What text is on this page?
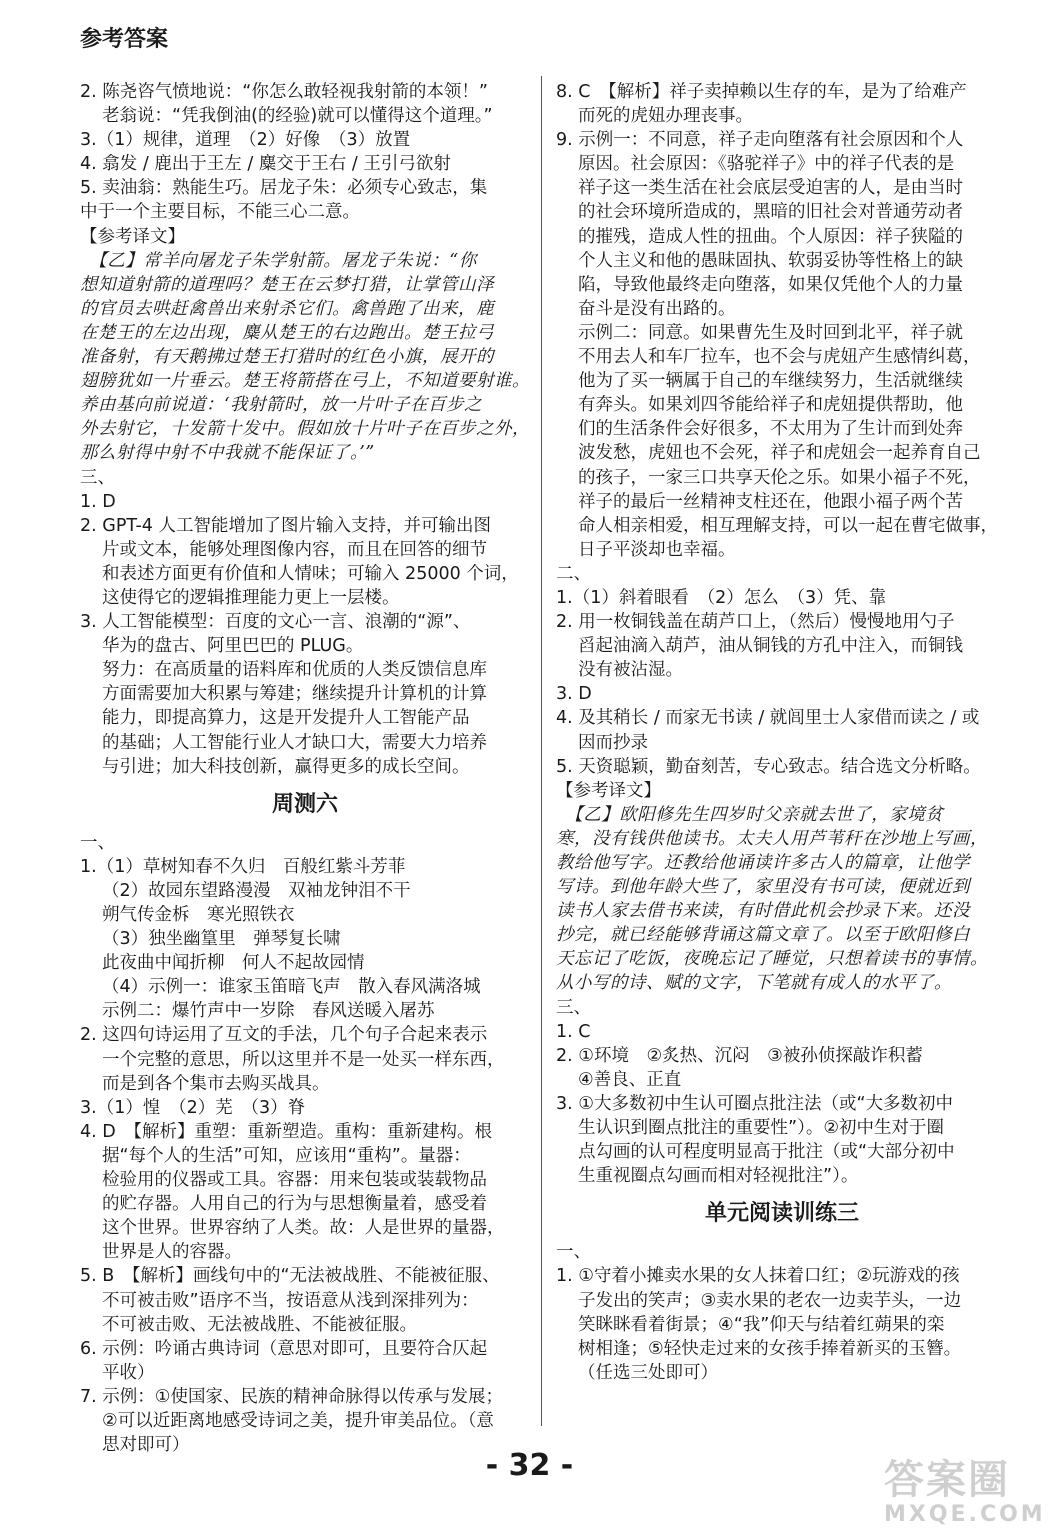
参考答案
2. 陈尧咨气愤地说：“你怎么敢轻视我射箭的本领！”
老翁说：“凭我倒油(的经验)就可以懂得这个道理。”
3.（1）规律，道理　（2）好像　（3）放置
4. 翕发 / 鹿出于王左 / 麋交于王右 / 王引弓欲射
5. 卖油翁：熟能生巧。居龙子朱：必须专心致志，集
中于一个主要目标，不能三心二意。
【参考译文】
　【乙】常羊向屠龙子朱学射箭。屠龙子朱说：“你
想知道射箭的道理吗？楚王在云梦打猎，让掌管山泽
的官员去哄赶禽兽出来射杀它们。禽兽跑了出来，鹿
在楚王的左边出现，麋从楚王的右边跑出。楚王拉弓
准备射，有天鹅拂过楚王打猎时的红色小旗，展开的
翅膀犹如一片垂云。楚王将箭搭在弓上，不知道要射谁。
养由基向前说道：‘我射箭时，放一片叶子在百步之
外去射它，十发箭十发中。假如放十片叶子在百步之外，
那么射得中射不中我就不能保证了。’”
三、
1. D
2. GPT-4 人工智能增加了图片输入支持，并可输出图
片或文本，能够处理图像内容，而且在回答的细节
和表述方面更有价值和人情味；可输入 25000 个词，
这使得它的逻辑推理能力更上一层楼。
3. 人工智能模型：百度的文心一言、浪潮的“源”、
华为的盘古、阿里巴巴的 PLUG。
努力：在高质量的语料库和优质的人类反馈信息库
方面需要加大积累与筹建；继续提升计算机的计算
能力，即提高算力，这是开发提升人工智能产品
的基础；人工智能行业人才缺口大，需要大力培养
与引进；加大科技创新，赢得更多的成长空间。
周测六
一、
1.（1）草树知春不久归　百般红紫斗芳菲
（2）故园东望路漫漫　双袖龙钟泪不干
朔气传金柝　寒光照铁衣
（3）独坐幽篁里　弹琴复长啸
此夜曲中闻折柳　何人不起故园情
（4）示例一：谁家玉笛暗飞声　散入春风满洛城
示例二：爆竹声中一岁除　春风送暖入屠苏
2. 这四句诗运用了互文的手法，几个句子合起来表示
一个完整的意思，所以这里并不是一处买一样东西，
而是到各个集市去购买战具。
3.（1）惶　（2）芜　（3）脊
4. D　【解析】重塑：重新塑造。重构：重新建构。根
据“每个人的生活”可知，应该用“重构”。量器：
检验用的仪器或工具。容器：用来包装或装载物品
的贮存器。人用自己的行为与思想衡量着，感受着
这个世界。世界容纳了人类。故：人是世界的量器，
世界是人的容器。
5. B　【解析】画线句中的“无法被战胜、不能被征服、
不可被击败”语序不当，按语意从浅到深排列为：
不可被击败、无法被战胜、不能被征服。
6. 示例：吟诵古典诗词（意思对即可，且要符合仄起
平收）
7. 示例：①使国家、民族的精神命脉得以传承与发展；
②可以近距离地感受诗词之美，提升审美品位。（意
思对即可）
8. C　【解析】祥子卖掉赖以生存的车，是为了给难产
而死的虎妞办理丧事。
9. 示例一：不同意，祥子走向堕落有社会原因和个人
原因。社会原因：《骆驼祥子》中的祥子代表的是
祥子这一类生活在社会底层受迫害的人，是由当时
的社会环境所造成的，黑暗的旧社会对普通劳动者
的摧残，造成人性的扭曲。个人原因：祥子狭隘的
个人主义和他的愚昧固执、软弱妥协等性格上的缺
陷，导致他最终走向堕落，如果仅凭他个人的力量
奋斗是没有出路的。
示例二：同意。如果曹先生及时回到北平，祥子就
不用去人和车厂拉车，也不会与虎妞产生感情纠葛，
他为了买一辆属于自己的车继续努力，生活就继续
有奔头。如果刘四爷能给祥子和虎妞提供帮助，他
们的生活条件会好很多，不太用为了生计而到处奔
波发愁，虎妞也不会死，祥子和虎妞会一起养育自己
的孩子，一家三口共享天伦之乐。如果小福子不死，
祥子的最后一丝精神支柱还在，他跟小福子两个苦
命人相亲相爱，相互理解支持，可以一起在曹宅做事，
日子平淡却也幸福。
二、
1.（1）斜着眼看　（2）怎么　（3）凭、靠
2. 用一枚铜钱盖在葫芦口上，（然后）慢慢地用勺子
舀起油滴入葫芦，油从铜钱的方孔中注入，而铜钱
没有被沾湿。
3. D
4. 及其稍长 / 而家无书读 / 就闾里士人家借而读之 / 或
因而抄录
5. 天资聪颖，勤奋刻苦，专心致志。结合选文分析略。
【参考译文】
　【乙】欧阳修先生四岁时父亲就去世了，家境贫
寒，没有钱供他读书。太夫人用芦苇秆在沙地上写画，
教给他写字。还教给他诵读许多古人的篇章，让他学
写诗。到他年龄大些了，家里没有书可读，便就近到
读书人家去借书来读，有时借此机会抄录下来。还没
抄完，就已经能够背诵这篇文章了。以至于欧阳修白
天忘记了吃饭，夜晚忘记了睡觉，只想着读书的事情。
从小写的诗、赋的文字，下笔就有成人的水平了。
三、
1. C
2. ①环境　②炙热、沉闷　③被孙侦探敲诈积蓄
④善良、正直
3. ①大多数初中生认可圈点批注法（或“大多数初中
生认识到圈点批注的重要性”）。②初中生对于圈
点勾画的认可程度明显高于批注（或“大部分初中
生重视圈点勾画而相对轻视批注”）。
单元阅读训练三
一、
1. ①守着小摊卖水果的女人抹着口红；②玩游戏的孩
子发出的笑声；③卖水果的老农一边卖芋头，一边
笑眯眯看着街景；④“我”仰天与结着红蒴果的栾
树相逢；⑤轻快走过来的女孩手捧着新买的玉簪。
（任选三处即可）
- 32 -	答案圈
MXQE.COM
